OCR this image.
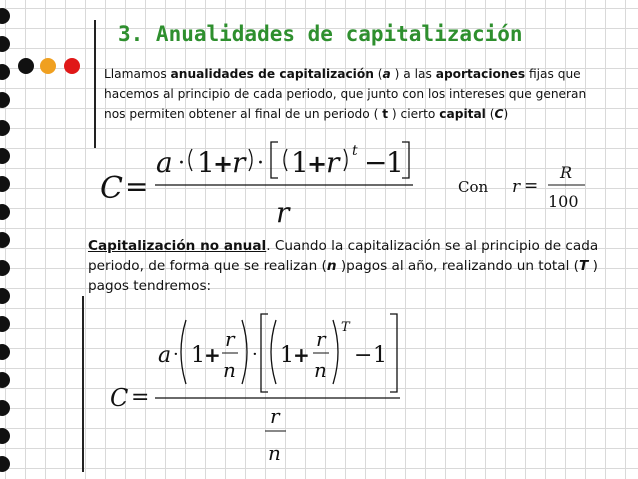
3. Anualidades de capitalización

Llamamos anualidades de capitalización (a ) a las aportaciones fijas que hacemos al principio de cada periodo, que junto con los intereses que generan nos permiten obtener al final de un periodo ( t ) cierto capital (C)

C =
a · 1
+
r · 1
+
r t −
1
r
Con r =
R
100

Capitalización no anual. Cuando la capitalización se al principio de cada periodo, de forma que se realizan (n )pagos al año, realizando un total (T ) pagos tendremos:

C =
a · 1 +
r
n
· 1 +
r
n
T
− 1
r
n
